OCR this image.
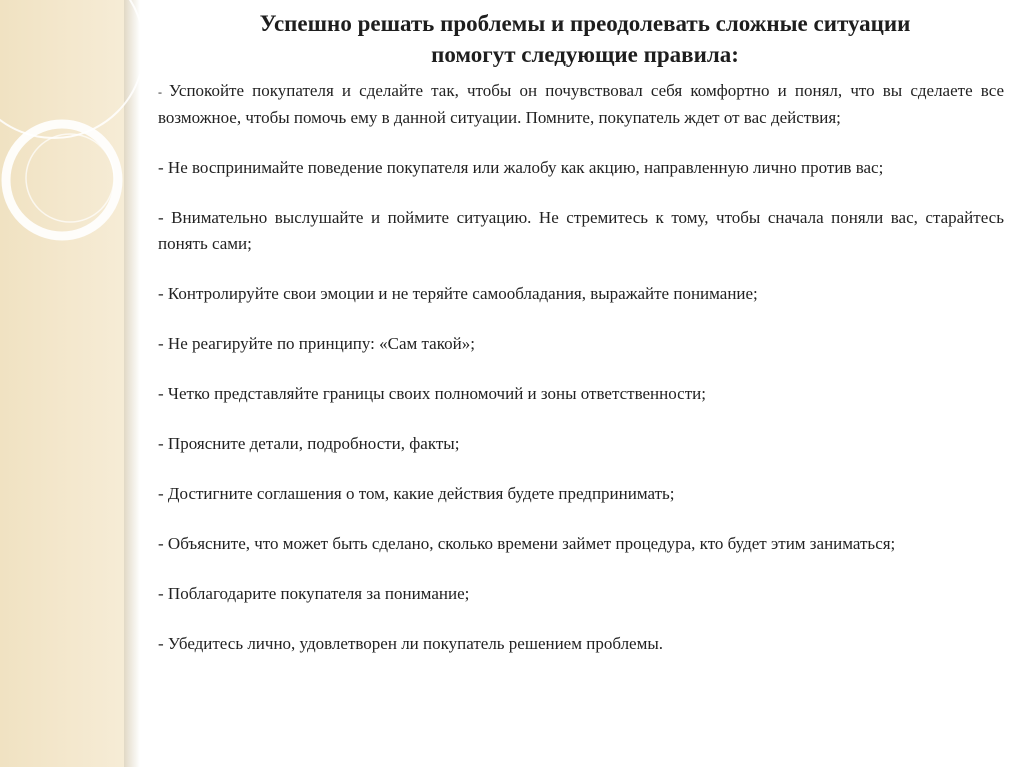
Успешно решать проблемы и преодолевать сложные ситуации
помогут следующие правила:

- Успокойте покупателя и сделайте так, чтобы он почувствовал себя комфортно и понял, что вы сделаете все возможное, чтобы помочь ему в данной ситуации. Помните, покупатель ждет от вас действия;

- Не воспринимайте поведение покупателя или жалобу как акцию, направленную лично против вас;

- Внимательно выслушайте и поймите ситуацию. Не стремитесь к тому, чтобы сначала поняли вас, старайтесь понять сами;

- Контролируйте свои эмоции и не теряйте самообладания, выражайте понимание;

- Не реагируйте по принципу: «Сам такой»;

- Четко представляйте границы своих полномочий и зоны ответственности;

- Проясните детали, подробности, факты;

- Достигните соглашения о том, какие действия будете предпринимать;

- Объясните, что может быть сделано, сколько времени займет процедура, кто будет этим заниматься;

- Поблагодарите покупателя за понимание;

- Убедитесь лично, удовлетворен ли покупатель решением проблемы.
